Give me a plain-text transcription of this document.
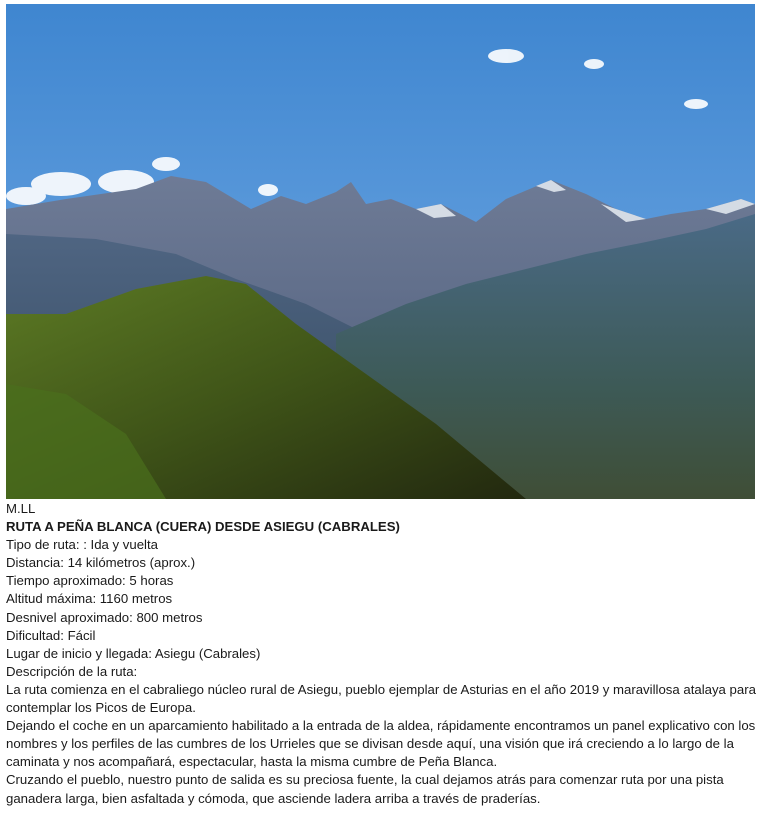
M.LL

RUTA A PEÑA BLANCA (CUERA) DESDE ASIEGU (CABRALES)

Tipo de ruta: : Ida y vuelta

Distancia: 14 kilómetros (aprox.)

Tiempo aproximado: 5 horas

Altitud máxima: 1160 metros

Desnivel aproximado: 800 metros

Dificultad: Fácil

Lugar de inicio y llegada: Asiegu (Cabrales)

Descripción de la ruta:

La ruta comienza en el cabraliego núcleo rural de Asiegu, pueblo ejemplar de Asturias en el año 2019 y maravillosa atalaya para contemplar los Picos de Europa.

Dejando el coche en un aparcamiento habilitado a la entrada de la aldea, rápidamente encontramos un panel explicativo con los nombres y los perfiles de las cumbres de los Urrieles que se divisan desde aquí, una visión que irá creciendo a lo largo de la caminata y nos acompañará, espectacular, hasta la misma cumbre de Peña Blanca.

Cruzando el pueblo, nuestro punto de salida es su preciosa fuente, la cual dejamos atrás para comenzar ruta por una pista ganadera larga, bien asfaltada y cómoda, que asciende ladera arriba a través de praderías.
